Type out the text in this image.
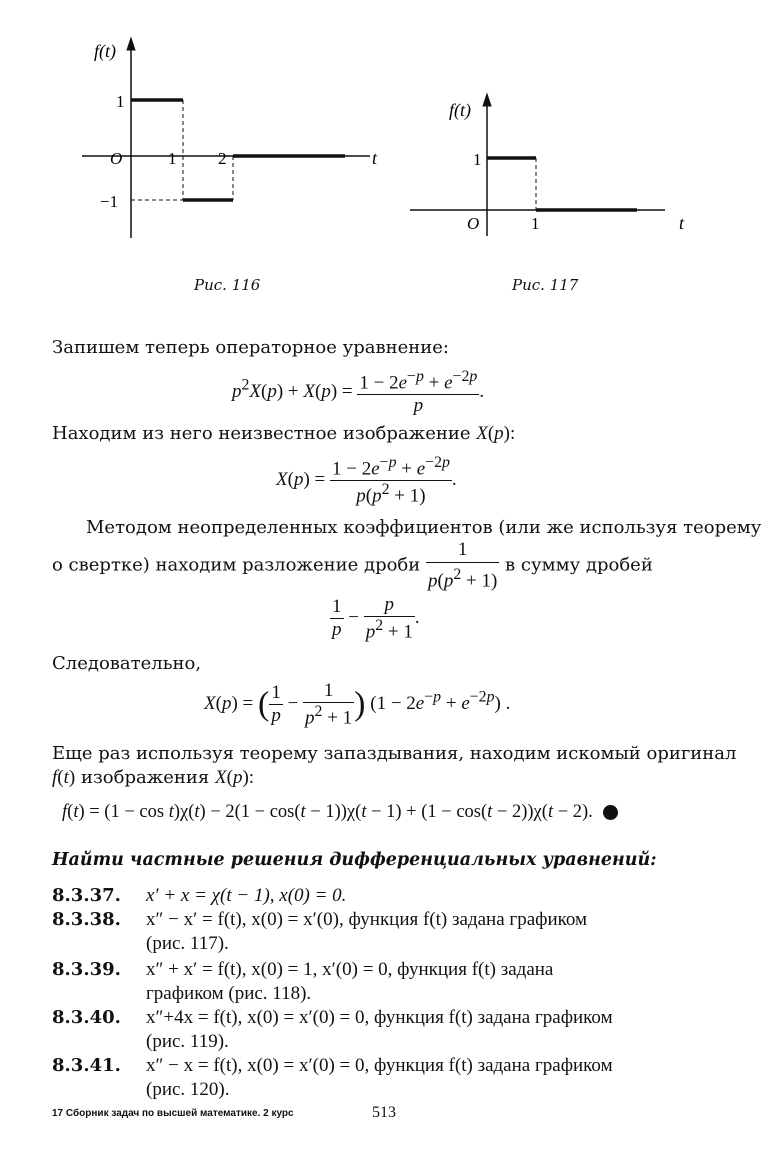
f(t)
1
O	1 2
−1
t
Рис. 116
f(t)
1
O	1	t
Рис. 117
Запишем теперь операторное уравнение:
$p^2X(p) + X(p) = \frac{1 - 2e^{-p} + e^{-2p}}{p}$ .
Находим из него неизвестное изображение X(p):
$X(p) = \frac{1 - 2e^{-p} + e^{-2p}}{p(p^2 + 1)}$ .
Методом неопределенных коэффициентов (или же используя теорему
о свертке) находим разложение дроби $\frac{1}{p(p^2 + 1)}$ в сумму дробей
$\frac{1}{p} - \frac{p}{p^2 + 1}$ .
Следовательно,
X(p) = ( $\frac{1}{p} - \frac{1}{p^2 + 1}$ ) $(1 - 2e^{-p} + e^{-2p})$ .
Еще раз используя теорему запаздывания, находим искомый оригинал
f(t) изображения X(p):
f(t) = (1 − cos t)χ(t) − 2(1 − cos(t − 1))χ(t − 1) + (1 − cos(t − 2))χ(t − 2).
Найти частные решения дифференциальных уравнений:
8.3.37. x′ + x = χ(t − 1), x(0) = 0.
8.3.38. x″ − x′ = f(t), x(0) = x′(0), функция f(t) задана графиком
(рис. 117).
8.3.39. x″ + x′ = f(t), x(0) = 1, x′(0) = 0, функция f(t) задана
графиком (рис. 118).
8.3.40. x″+4x = f(t), x(0) = x′(0) = 0, функция f(t) задана графиком
(рис. 119).
8.3.41. x″ − x = f(t), x(0) = x′(0) = 0, функция f(t) задана графиком
(рис. 120).
17 Сборник задач по высшей математике. 2 курс	513
